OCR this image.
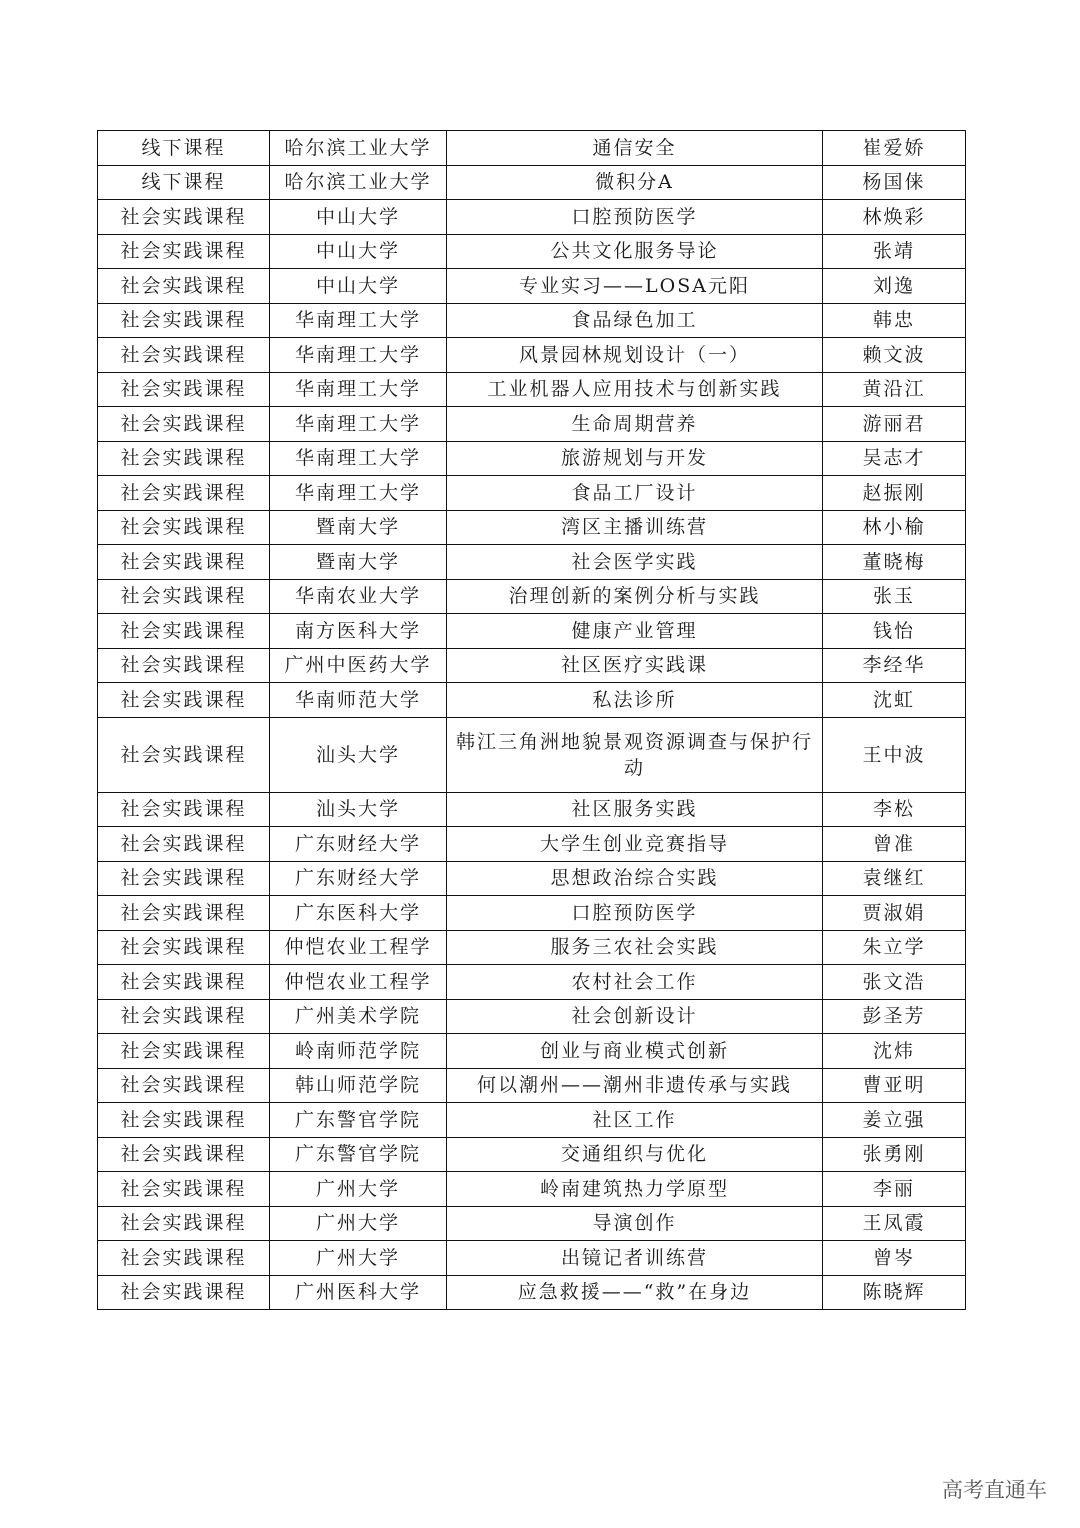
线下课程	哈尔滨工业大学	通信安全	崔爱娇
线下课程	哈尔滨工业大学	微积分A	杨国俫
社会实践课程	中山大学	口腔预防医学	林焕彩
社会实践课程	中山大学	公共文化服务导论	张靖
社会实践课程	中山大学	专业实习——LOSA元阳	刘逸
社会实践课程	华南理工大学	食品绿色加工	韩忠
社会实践课程	华南理工大学	风景园林规划设计（一）	赖文波
社会实践课程	华南理工大学	工业机器人应用技术与创新实践	黄沿江
社会实践课程	华南理工大学	生命周期营养	游丽君
社会实践课程	华南理工大学	旅游规划与开发	吴志才
社会实践课程	华南理工大学	食品工厂设计	赵振刚
社会实践课程	暨南大学	湾区主播训练营	林小榆
社会实践课程	暨南大学	社会医学实践	董晓梅
社会实践课程	华南农业大学	治理创新的案例分析与实践	张玉
社会实践课程	南方医科大学	健康产业管理	钱怡
社会实践课程	广州中医药大学	社区医疗实践课	李经华
社会实践课程	华南师范大学	私法诊所	沈虹
社会实践课程	汕头大学	韩江三角洲地貌景观资源调查与保护行动	王中波
社会实践课程	汕头大学	社区服务实践	李松
社会实践课程	广东财经大学	大学生创业竞赛指导	曾准
社会实践课程	广东财经大学	思想政治综合实践	袁继红
社会实践课程	广东医科大学	口腔预防医学	贾淑娟
社会实践课程	仲恺农业工程学	服务三农社会实践	朱立学
社会实践课程	仲恺农业工程学	农村社会工作	张文浩
社会实践课程	广州美术学院	社会创新设计	彭圣芳
社会实践课程	岭南师范学院	创业与商业模式创新	沈炜
社会实践课程	韩山师范学院	何以潮州——潮州非遗传承与实践	曹亚明
社会实践课程	广东警官学院	社区工作	姜立强
社会实践课程	广东警官学院	交通组织与优化	张勇刚
社会实践课程	广州大学	岭南建筑热力学原型	李丽
社会实践课程	广州大学	导演创作	王凤霞
社会实践课程	广州大学	出镜记者训练营	曾岑
社会实践课程	广州医科大学	应急救援——“救”在身边	陈晓辉
高考直通车
